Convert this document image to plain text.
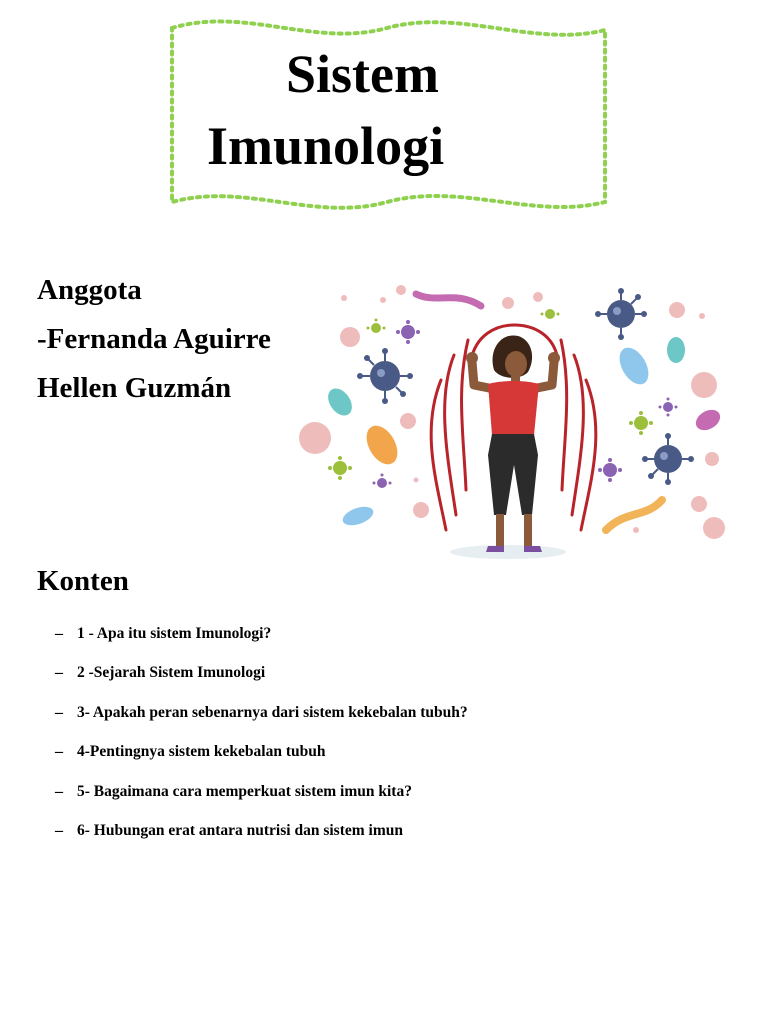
Sistem
Imunologi
Anggota
-Fernanda Aguirre
Hellen Guzmán
Konten
– 1 - Apa itu sistem Imunologi?
– 2 -Sejarah Sistem Imunologi
– 3- Apakah peran sebenarnya dari sistem kekebalan tubuh?
– 4-Pentingnya sistem kekebalan tubuh
– 5- Bagaimana cara memperkuat sistem imun kita?
– 6- Hubungan erat antara nutrisi dan sistem imun
